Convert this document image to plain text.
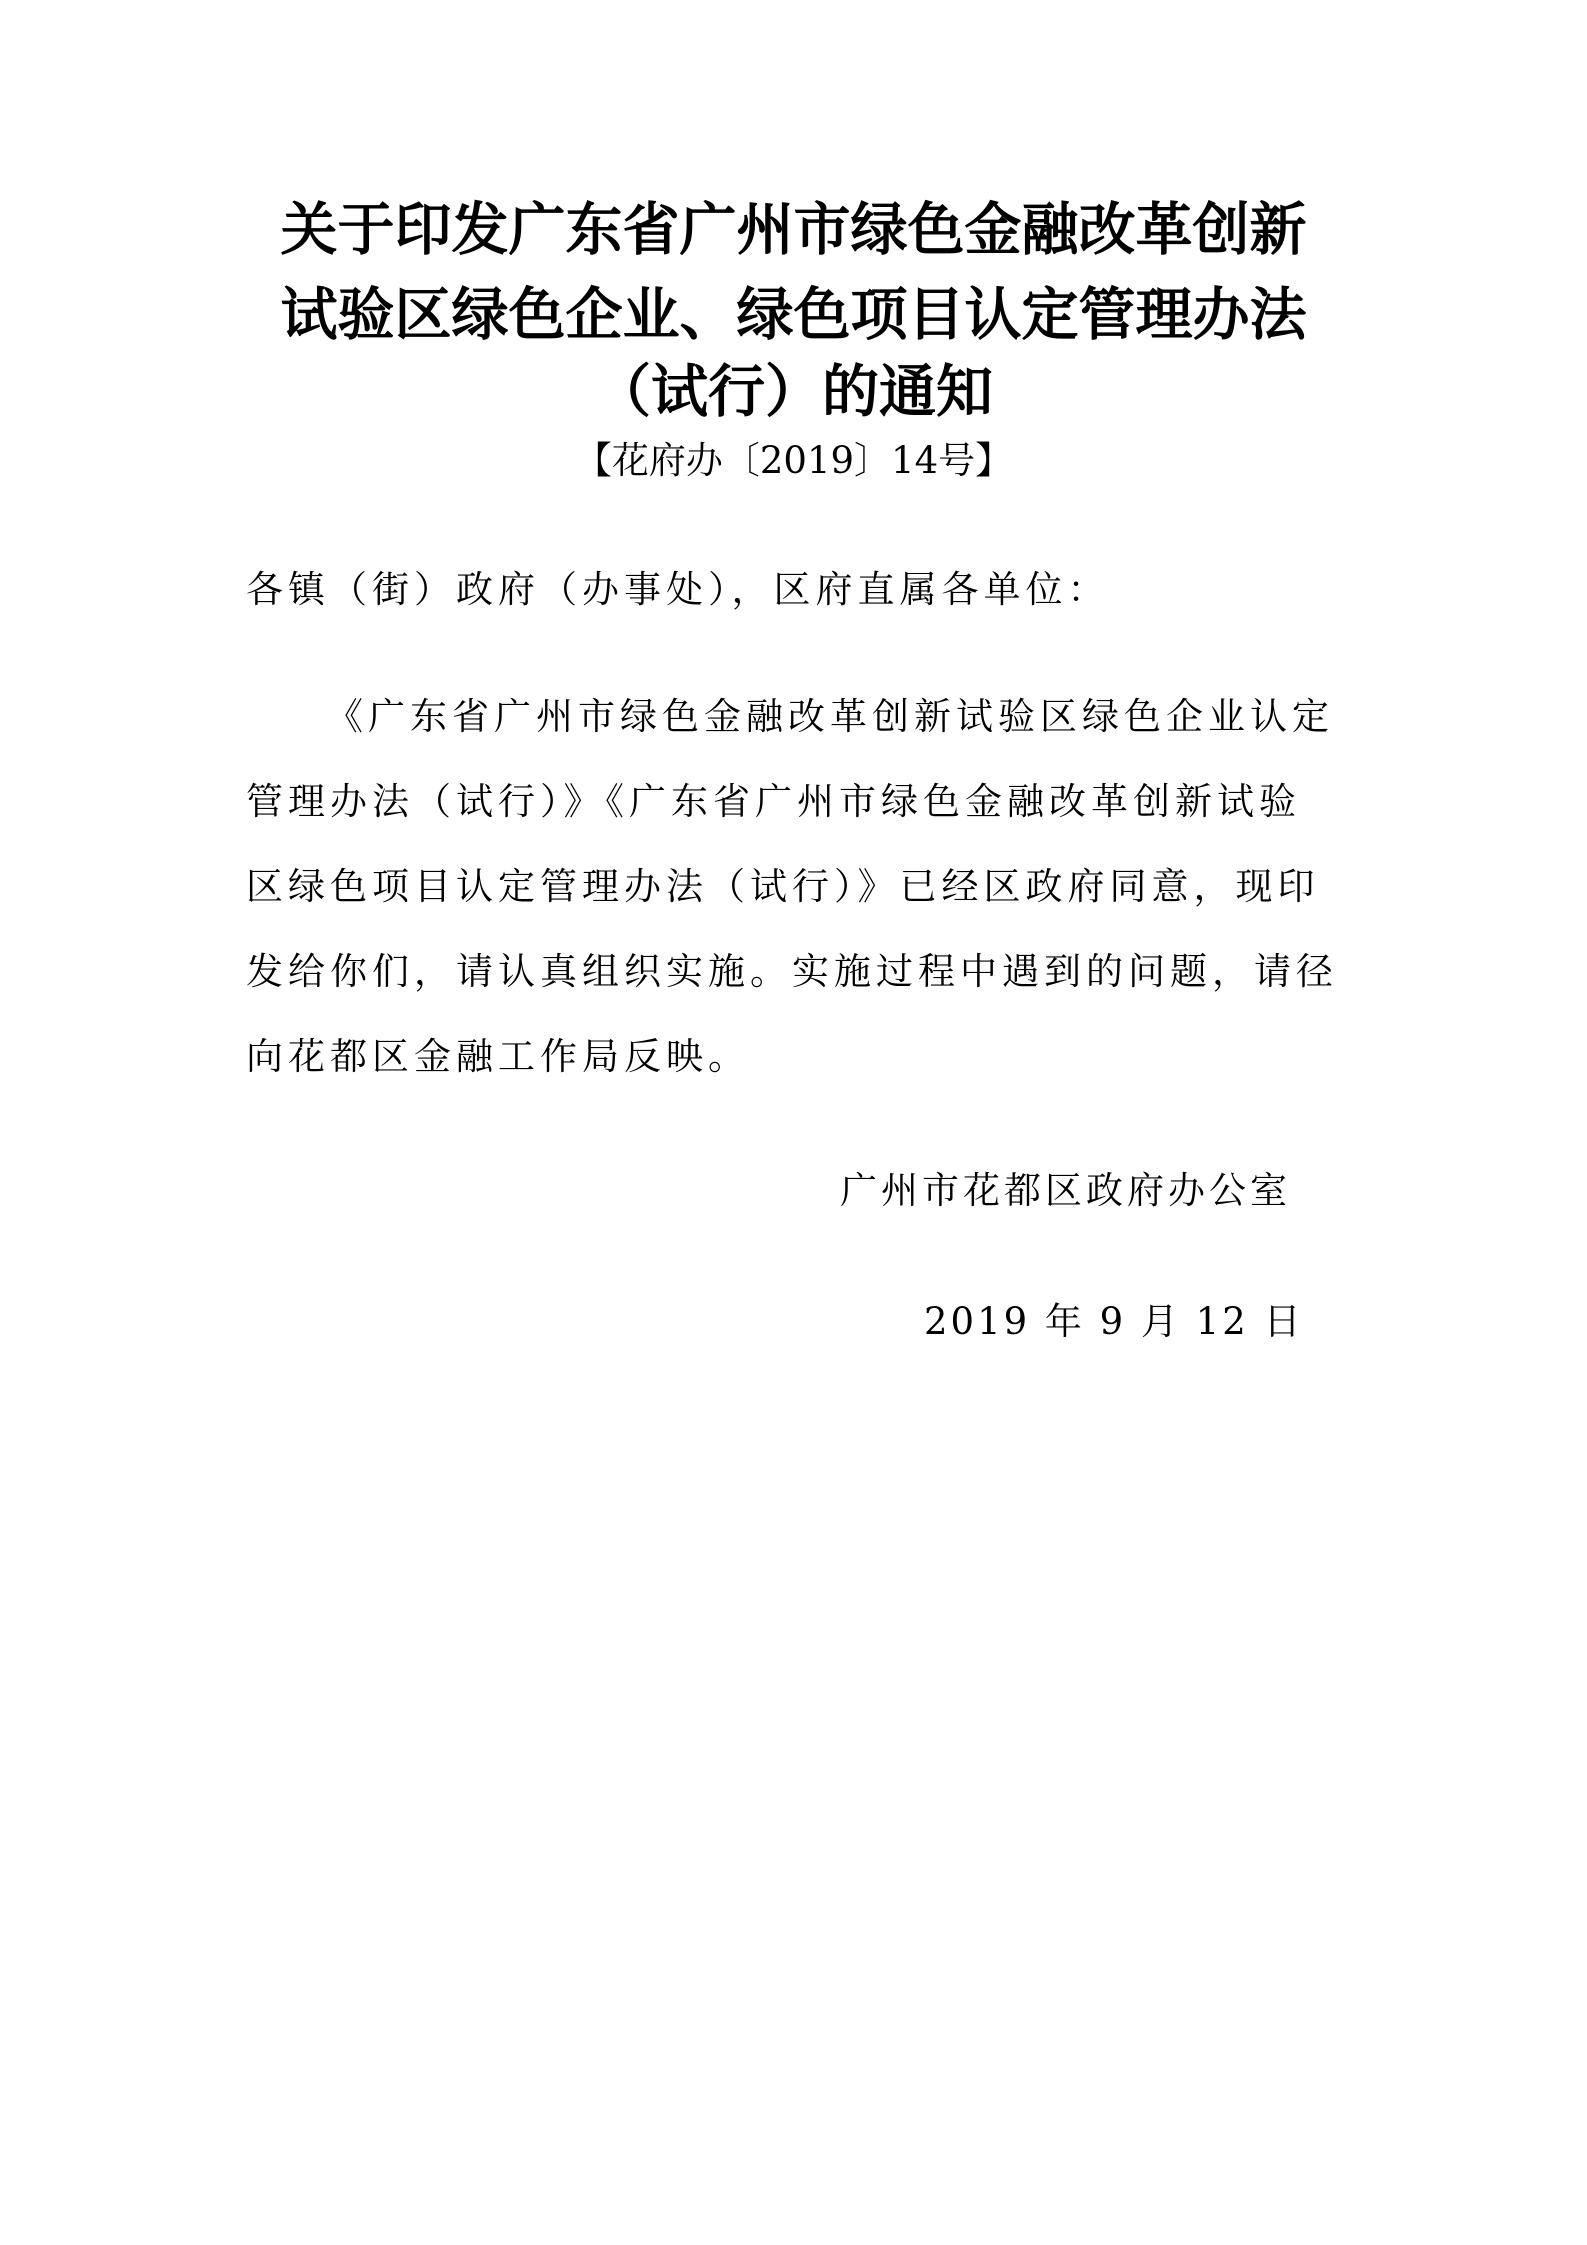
关于印发广东省广州市绿色金融改革创新
试验区绿色企业、绿色项目认定管理办法
（试行）的通知
【花府办〔2019〕14号】
各镇（街）政府（办事处），区府直属各单位：
《广东省广州市绿色金融改革创新试验区绿色企业认定
管理办法（试行）》《广东省广州市绿色金融改革创新试验
区绿色项目认定管理办法（试行）》已经区政府同意，现印
发给你们，请认真组织实施。实施过程中遇到的问题，请径
向花都区金融工作局反映。
广州市花都区政府办公室
2019 年 9 月 12 日
